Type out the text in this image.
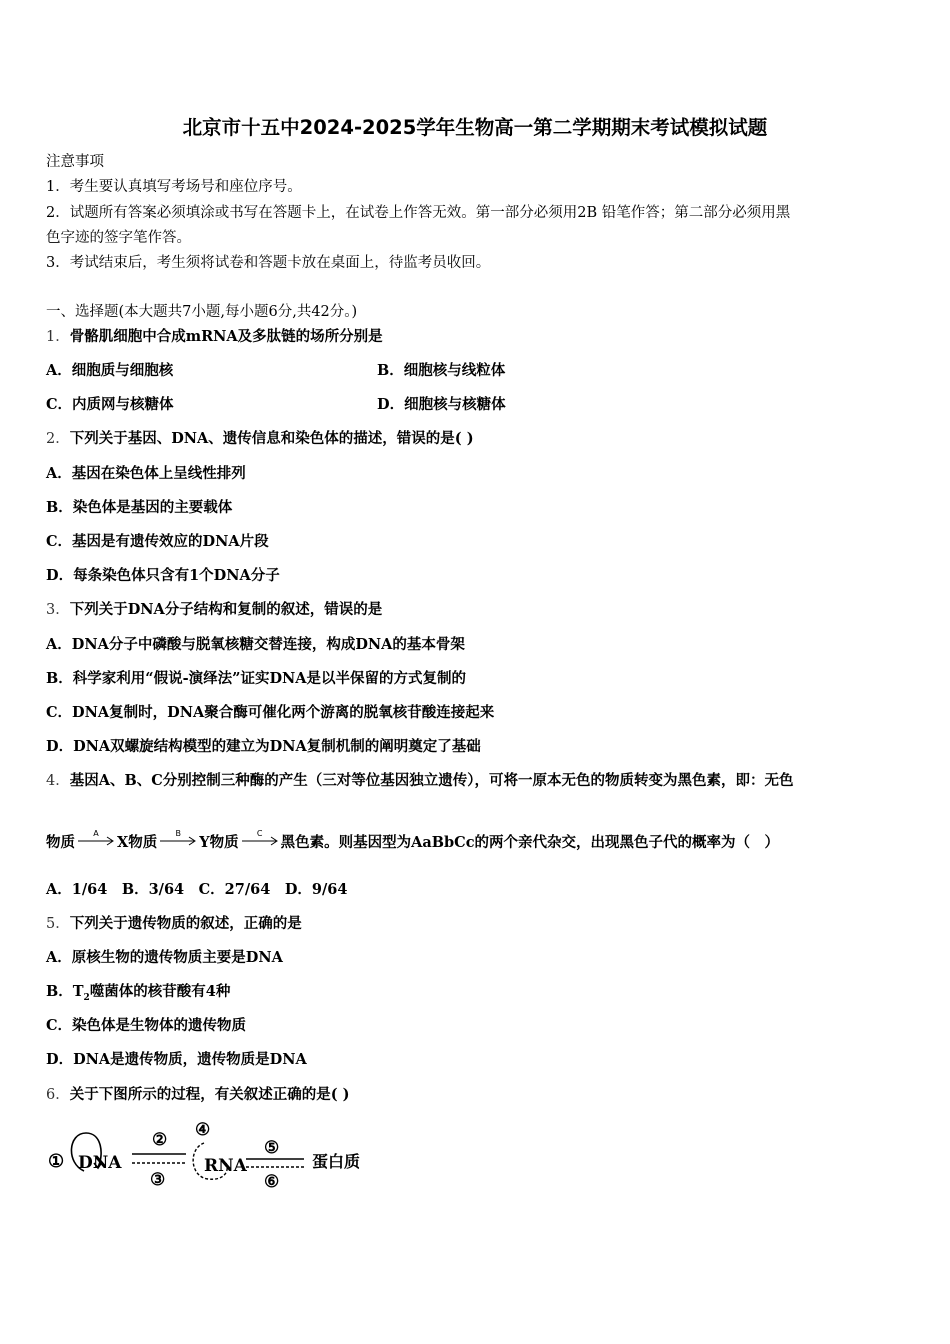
北京市十五中2024-2025学年生物高一第二学期期末考试模拟试题
注意事项
1．考生要认真填写考场号和座位序号。
2．试题所有答案必须填涂或书写在答题卡上，在试卷上作答无效。第一部分必须用2B 铅笔作答；第二部分必须用黑
色字迹的签字笔作答。
3．考试结束后，考生须将试卷和答题卡放在桌面上，待监考员收回。
一、选择题(本大题共7小题,每小题6分,共42分。)
1．骨骼肌细胞中合成mRNA及多肽链的场所分别是
A．细胞质与细胞核	B．细胞核与线粒体
C．内质网与核糖体	D．细胞核与核糖体
2．下列关于基因、DNA、遗传信息和染色体的描述，错误的是( )
A．基因在染色体上呈线性排列
B．染色体是基因的主要载体
C．基因是有遗传效应的DNA片段
D．每条染色体只含有1个DNA分子
3．下列关于DNA分子结构和复制的叙述，错误的是
A．DNA分子中磷酸与脱氧核糖交替连接，构成DNA的基本骨架
B．科学家利用“假说-演绎法”证实DNA是以半保留的方式复制的
C．DNA复制时，DNA聚合酶可催化两个游离的脱氧核苷酸连接起来
D．DNA双螺旋结构模型的建立为DNA复制机制的阐明奠定了基础
4．基因A、B、C分别控制三种酶的产生（三对等位基因独立遗传），可将一原本无色的物质转变为黑色素，即：无色
物质
A
X物质
B
Y物质
C
黑色素。则基因型为AaBbCc的两个亲代杂交，出现黑色子代的概率为（　）
A．1/64　B．3/64　C．27/64　D．9/64
5．下列关于遗传物质的叙述，正确的是
A．原核生物的遗传物质主要是DNA
B．$T_2$噬菌体的核苷酸有4种
C．染色体是生物体的遗传物质
D．DNA是遗传物质，遗传物质是DNA
6．关于下图所示的过程，有关叙述正确的是( )
① DNA
②
③
④
RNA
⑤
⑥
蛋白质
